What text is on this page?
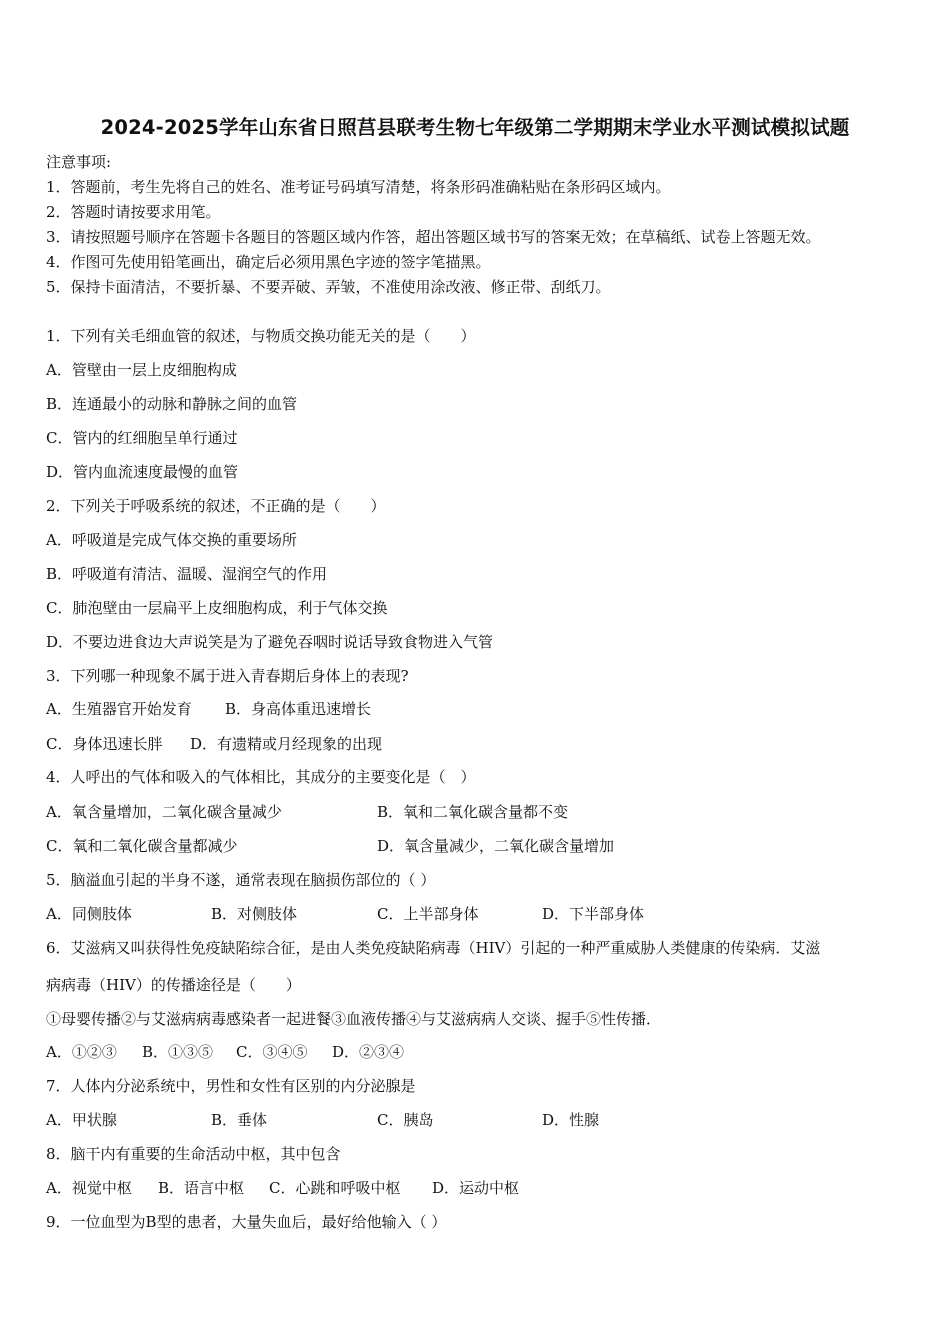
2024-2025学年山东省日照莒县联考生物七年级第二学期期末学业水平测试模拟试题
注意事项:
1．答题前，考生先将自己的姓名、准考证号码填写清楚，将条形码准确粘贴在条形码区域内。
2．答题时请按要求用笔。
3．请按照题号顺序在答题卡各题目的答题区域内作答，超出答题区域书写的答案无效；在草稿纸、试卷上答题无效。
4．作图可先使用铅笔画出，确定后必须用黑色字迹的签字笔描黑。
5．保持卡面清洁，不要折暴、不要弄破、弄皱，不准使用涂改液、修正带、刮纸刀。
1．下列有关毛细血管的叙述，与物质交换功能无关的是（　　）
A．管壁由一层上皮细胞构成
B．连通最小的动脉和静脉之间的血管
C．管内的红细胞呈单行通过
D．管内血流速度最慢的血管
2．下列关于呼吸系统的叙述，不正确的是（　　）
A．呼吸道是完成气体交换的重要场所
B．呼吸道有清洁、温暖、湿润空气的作用
C．肺泡壁由一层扁平上皮细胞构成，利于气体交换
D．不要边进食边大声说笑是为了避免吞咽时说话导致食物进入气管
3．下列哪一种现象不属于进入青春期后身体上的表现?
A．生殖器官开始发育 B．身高体重迅速增长
C．身体迅速长胖 D．有遗精或月经现象的出现
4．人呼出的气体和吸入的气体相比，其成分的主要变化是（　）
A．氧含量增加，二氧化碳含量减少	B．氧和二氧化碳含量都不变
C．氧和二氧化碳含量都减少	D．氧含量减少，二氧化碳含量增加
5．脑溢血引起的半身不遂，通常表现在脑损伤部位的（ ）
A．同侧肢体	B．对侧肢体	C．上半部身体	D．下半部身体
6．艾滋病又叫获得性免疫缺陷综合征，是由人类免疫缺陷病毒（HIV）引起的一种严重威胁人类健康的传染病．艾滋
病病毒（HIV）的传播途径是（　　）
①母婴传播②与艾滋病病毒感染者一起进餐③血液传播④与艾滋病病人交谈、握手⑤性传播．
A．①②③ B．①③⑤ C．③④⑤ D．②③④
7．人体内分泌系统中，男性和女性有区别的内分泌腺是
A．甲状腺	B．垂体	C．胰岛	D．性腺
8．脑干内有重要的生命活动中枢，其中包含
A．视觉中枢 B．语言中枢 C．心跳和呼吸中枢 D．运动中枢
9．一位血型为B型的患者，大量失血后，最好给他输入（ ）
